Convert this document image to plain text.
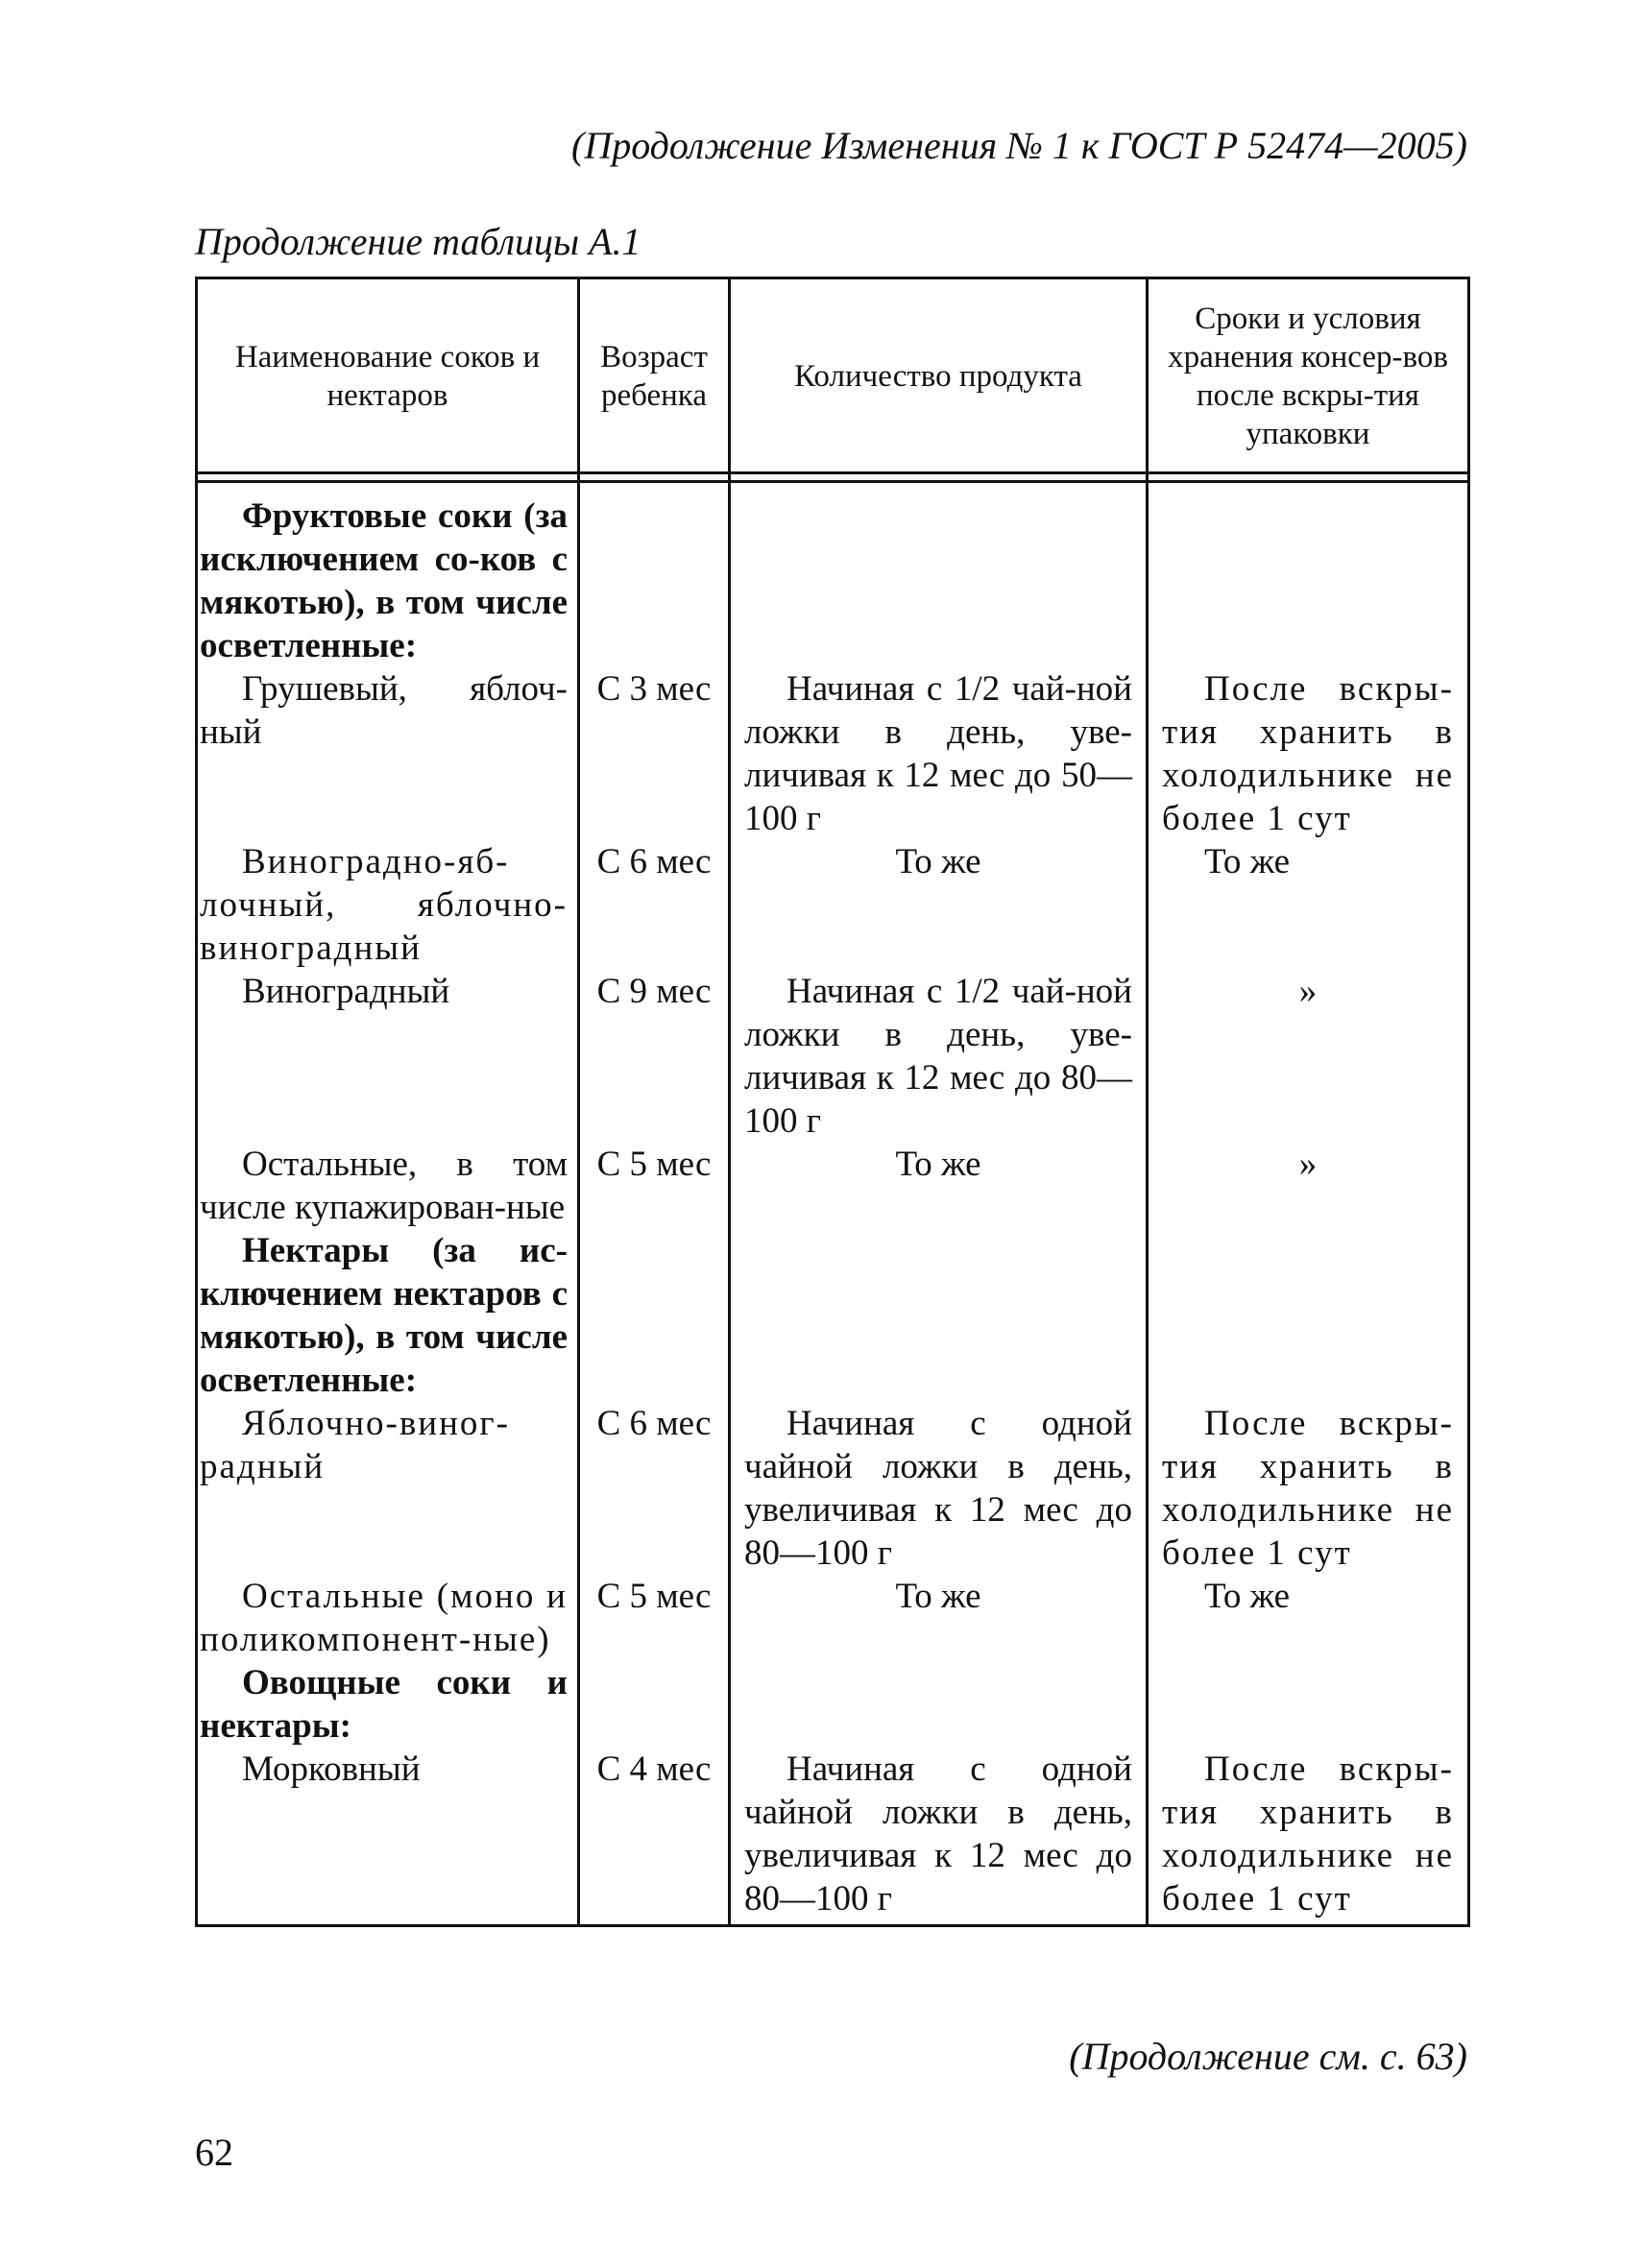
(Продолжение Изменения № 1 к ГОСТ Р 52474—2005)
Продолжение таблицы А.1
Наименование соков и нектаров	Возраст ребенка	Количество продукта	Сроки и условия хранения консер-вов после вскры-тия упаковки

Фруктовые соки (за исключением со-ков с мякотью), в том числе осветленные:			
Грушевый, яблоч-ный	С 3 мес	Начиная с 1/2 чай-ной ложки в день, уве-личивая к 12 мес до 50—100 г	После вскры-тия хранить в холодильнике не более 1 сут
Виноградно-яб-лочный, яблочно-виноградный	С 6 мес	То же	То же
Виноградный	С 9 мес	Начиная с 1/2 чай-ной ложки в день, уве-личивая к 12 мес до 80—100 г	»
Остальные, в том числе купажирован-ные	С 5 мес	То же	»
Нектары (за ис-ключением нектаров с мякотью), в том числе осветленные:			
Яблочно-виног-радный	С 6 мес	Начиная с одной чайной ложки в день, увеличивая к 12 мес до 80—100 г	После вскры-тия хранить в холодильнике не более 1 сут
Остальные (моно и поликомпонент-ные)	С 5 мес	То же	То же
Овощные соки и нектары:			
Морковный	С 4 мес	Начиная с одной чайной ложки в день, увеличивая к 12 мес до 80—100 г	После вскры-тия хранить в холодильнике не более 1 сут
(Продолжение см. с. 63)
62
